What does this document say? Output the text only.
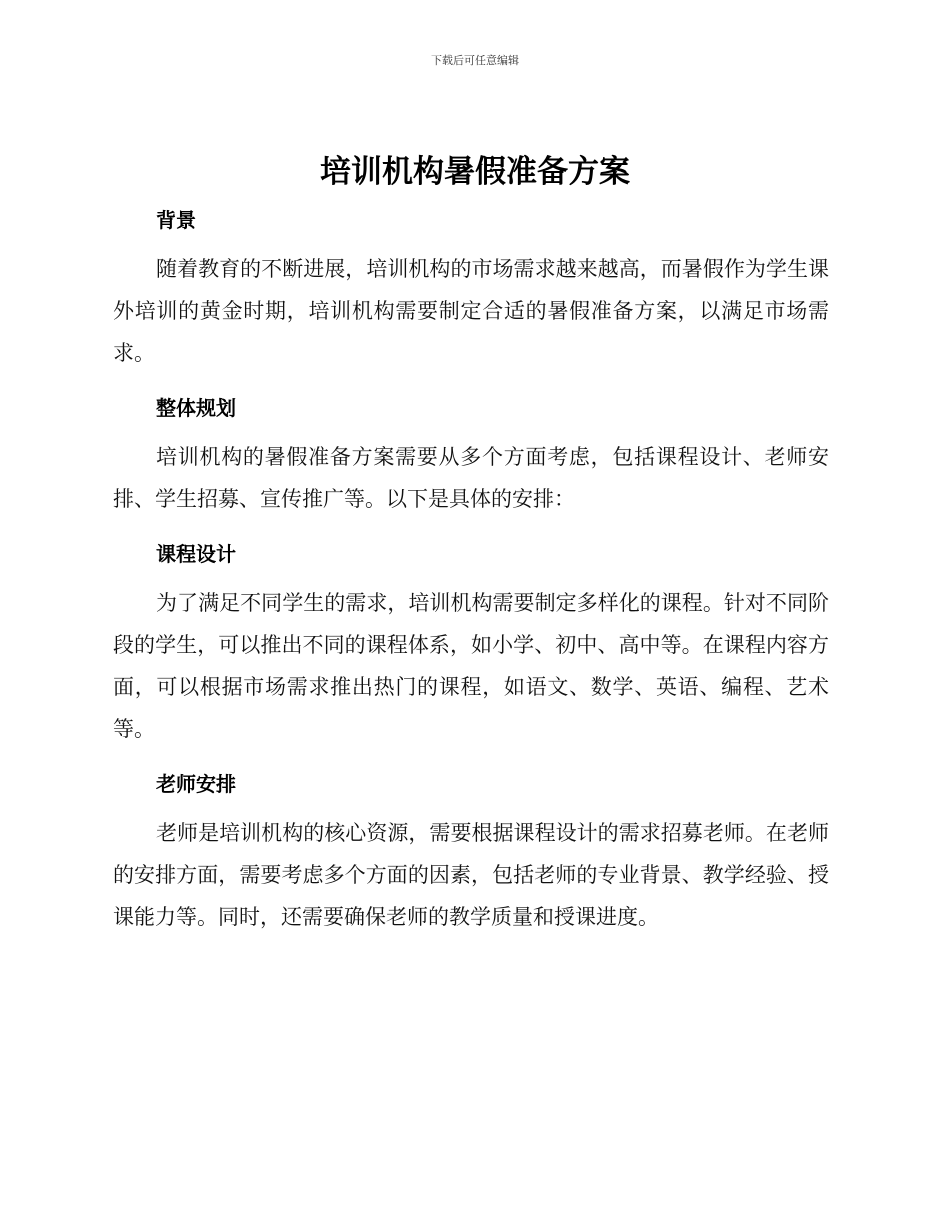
下载后可任意编辑
培训机构暑假准备方案
背景

随着教育的不断进展，培训机构的市场需求越来越高，而暑假作为学生课外培训的黄金时期，培训机构需要制定合适的暑假准备方案，以满足市场需求。

整体规划

培训机构的暑假准备方案需要从多个方面考虑，包括课程设计、老师安排、学生招募、宣传推广等。以下是具体的安排：

课程设计

为了满足不同学生的需求，培训机构需要制定多样化的课程。针对不同阶段的学生，可以推出不同的课程体系，如小学、初中、高中等。在课程内容方面，可以根据市场需求推出热门的课程，如语文、数学、英语、编程、艺术等。

老师安排

老师是培训机构的核心资源，需要根据课程设计的需求招募老师。在老师的安排方面，需要考虑多个方面的因素，包括老师的专业背景、教学经验、授课能力等。同时，还需要确保老师的教学质量和授课进度。
